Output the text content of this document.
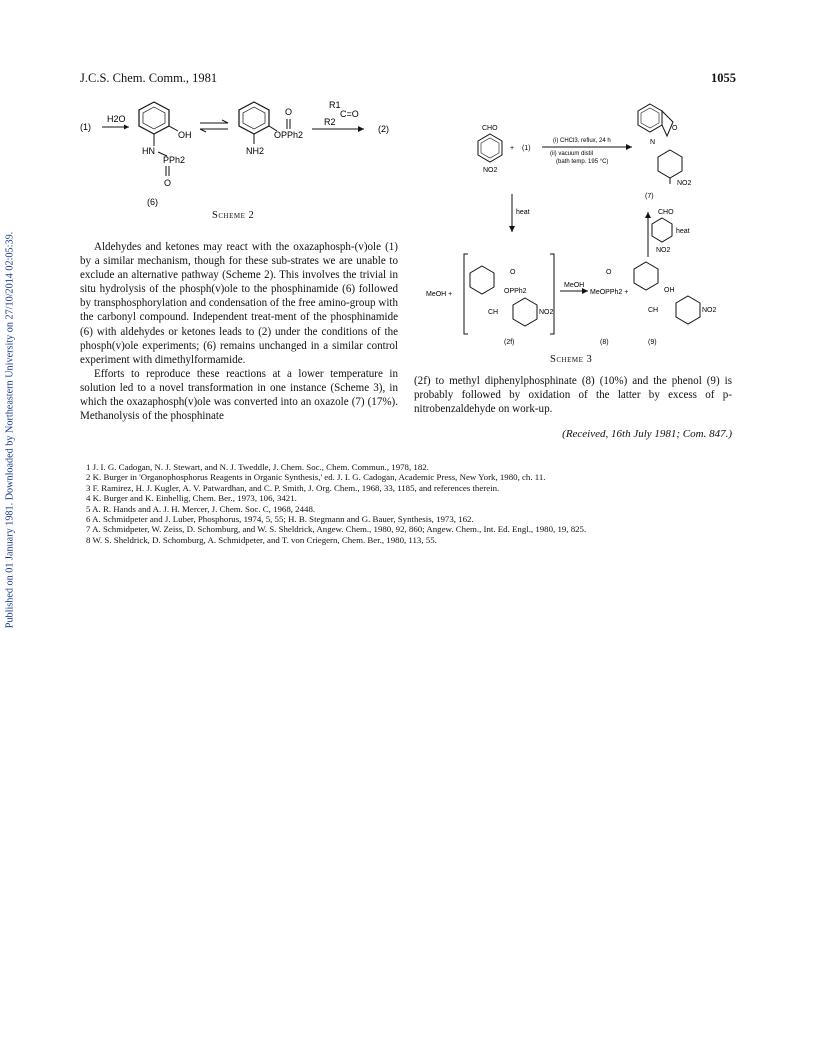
Published on 01 January 1981. Downloaded by Northeastern University on 27/10/2014 02:05:39.
J.C.S. Chem. Comm., 1981	1055
(1)
H2O
OH
HN
PPh2
O
(6)
OPPh2
O
NH2
R1
R2
C=O
(2)
Scheme 2

Aldehydes and ketones may react with the oxazaphosph-(v)ole (1) by a similar mechanism, though for these sub-strates we are unable to exclude an alternative pathway (Scheme 2). This involves the trivial in situ hydrolysis of the phosph(v)ole to the phosphinamide (6) followed by transphosphorylation and condensation of the free amino-group with the carbonyl compound. Independent treat-ment of the phosphinamide (6) with aldehydes or ketones leads to (2) under the conditions of the phosph(v)ole experiments; (6) remains unchanged in a similar control experiment with dimethylformamide.

Efforts to reproduce these reactions at a lower temperature in solution led to a novel transformation in one instance (Scheme 3), in which the oxazaphosph(v)ole was converted into an oxazole (7) (17%). Methanolysis of the phosphinate

CHO
NO2
+ (1)
(i) CHCl3, reflux, 24 h
(ii) vacuum distil
(bath temp. 195 °C)
O
N
NO2
(7)
heat	CHO
heat
NO2
MeOH +
O
OPPh2
CH	NO2
MeOH
O
MeOPPh2 +	OH
CH	NO2
(2f)	(8)	(9)
Scheme 3

(2f) to methyl diphenylphosphinate (8) (10%) and the phenol (9) is probably followed by oxidation of the latter by excess of p-nitrobenzaldehyde on work-up.

(Received, 16th July 1981; Com. 847.)
1 J. I. G. Cadogan, N. J. Stewart, and N. J. Tweddle, J. Chem. Soc., Chem. Commun., 1978, 182.
2 K. Burger in 'Organophosphorus Reagents in Organic Synthesis,' ed. J. I. G. Cadogan, Academic Press, New York, 1980, ch. 11.
3 F. Ramirez, H. J. Kugler, A. V. Patwardhan, and C. P. Smith, J. Org. Chem., 1968, 33, 1185, and references therein.
4 K. Burger and K. Einhellig, Chem. Ber., 1973, 106, 3421.
5 A. R. Hands and A. J. H. Mercer, J. Chem. Soc. C, 1968, 2448.
6 A. Schmidpeter and J. Luber, Phosphorus, 1974, 5, 55; H. B. Stegmann and G. Bauer, Synthesis, 1973, 162.
7 A. Schmidpeter, W. Zeiss, D. Schomburg, and W. S. Sheldrick, Angew. Chem., 1980, 92, 860; Angew. Chem., Int. Ed. Engl., 1980, 19, 825.
8 W. S. Sheldrick, D. Schomburg, A. Schmidpeter, and T. von Criegern, Chem. Ber., 1980, 113, 55.
